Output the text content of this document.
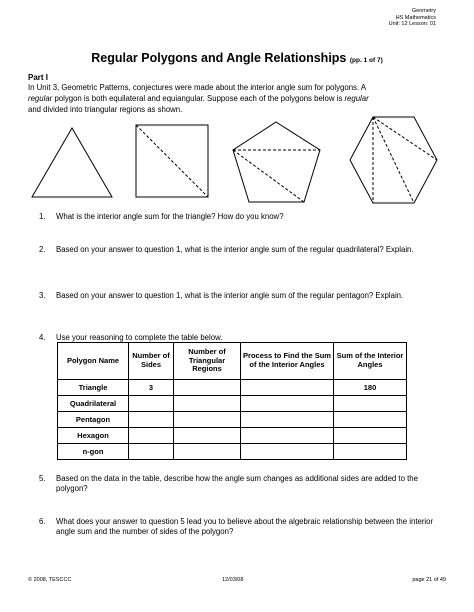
Geometry
HS Mathematics
Unit: 12 Lesson: 01
Regular Polygons and Angle Relationships (pp. 1 of 7)
Part I
In Unit 3, Geometric Patterns, conjectures were made about the interior angle sum for polygons. A
regular polygon is both equilateral and equiangular. Suppose each of the polygons below is regular
and divided into triangular regions as shown.
1. What is the interior angle sum for the triangle? How do you know?
2. Based on your answer to question 1, what is the interior angle sum of the regular quadrilateral? Explain.
3. Based on your answer to question 1, what is the interior angle sum of the regular pentagon? Explain.
4. Use your reasoning to complete the table below.
Polygon Name	Number of Sides	Number of Triangular Regions	Process to Find the Sum of the Interior Angles	Sum of the Interior Angles
Triangle	3			180
Quadrilateral				
Pentagon				
Hexagon				
n-gon				
5. Based on the data in the table, describe how the angle sum changes as additional sides are added to the polygon?
6. What does your answer to question 5 lead you to believe about the algebraic relationship between the interior angle sum and the number of sides of the polygon?
© 2008, TESCCC	12/03/08	page 21 of 49
